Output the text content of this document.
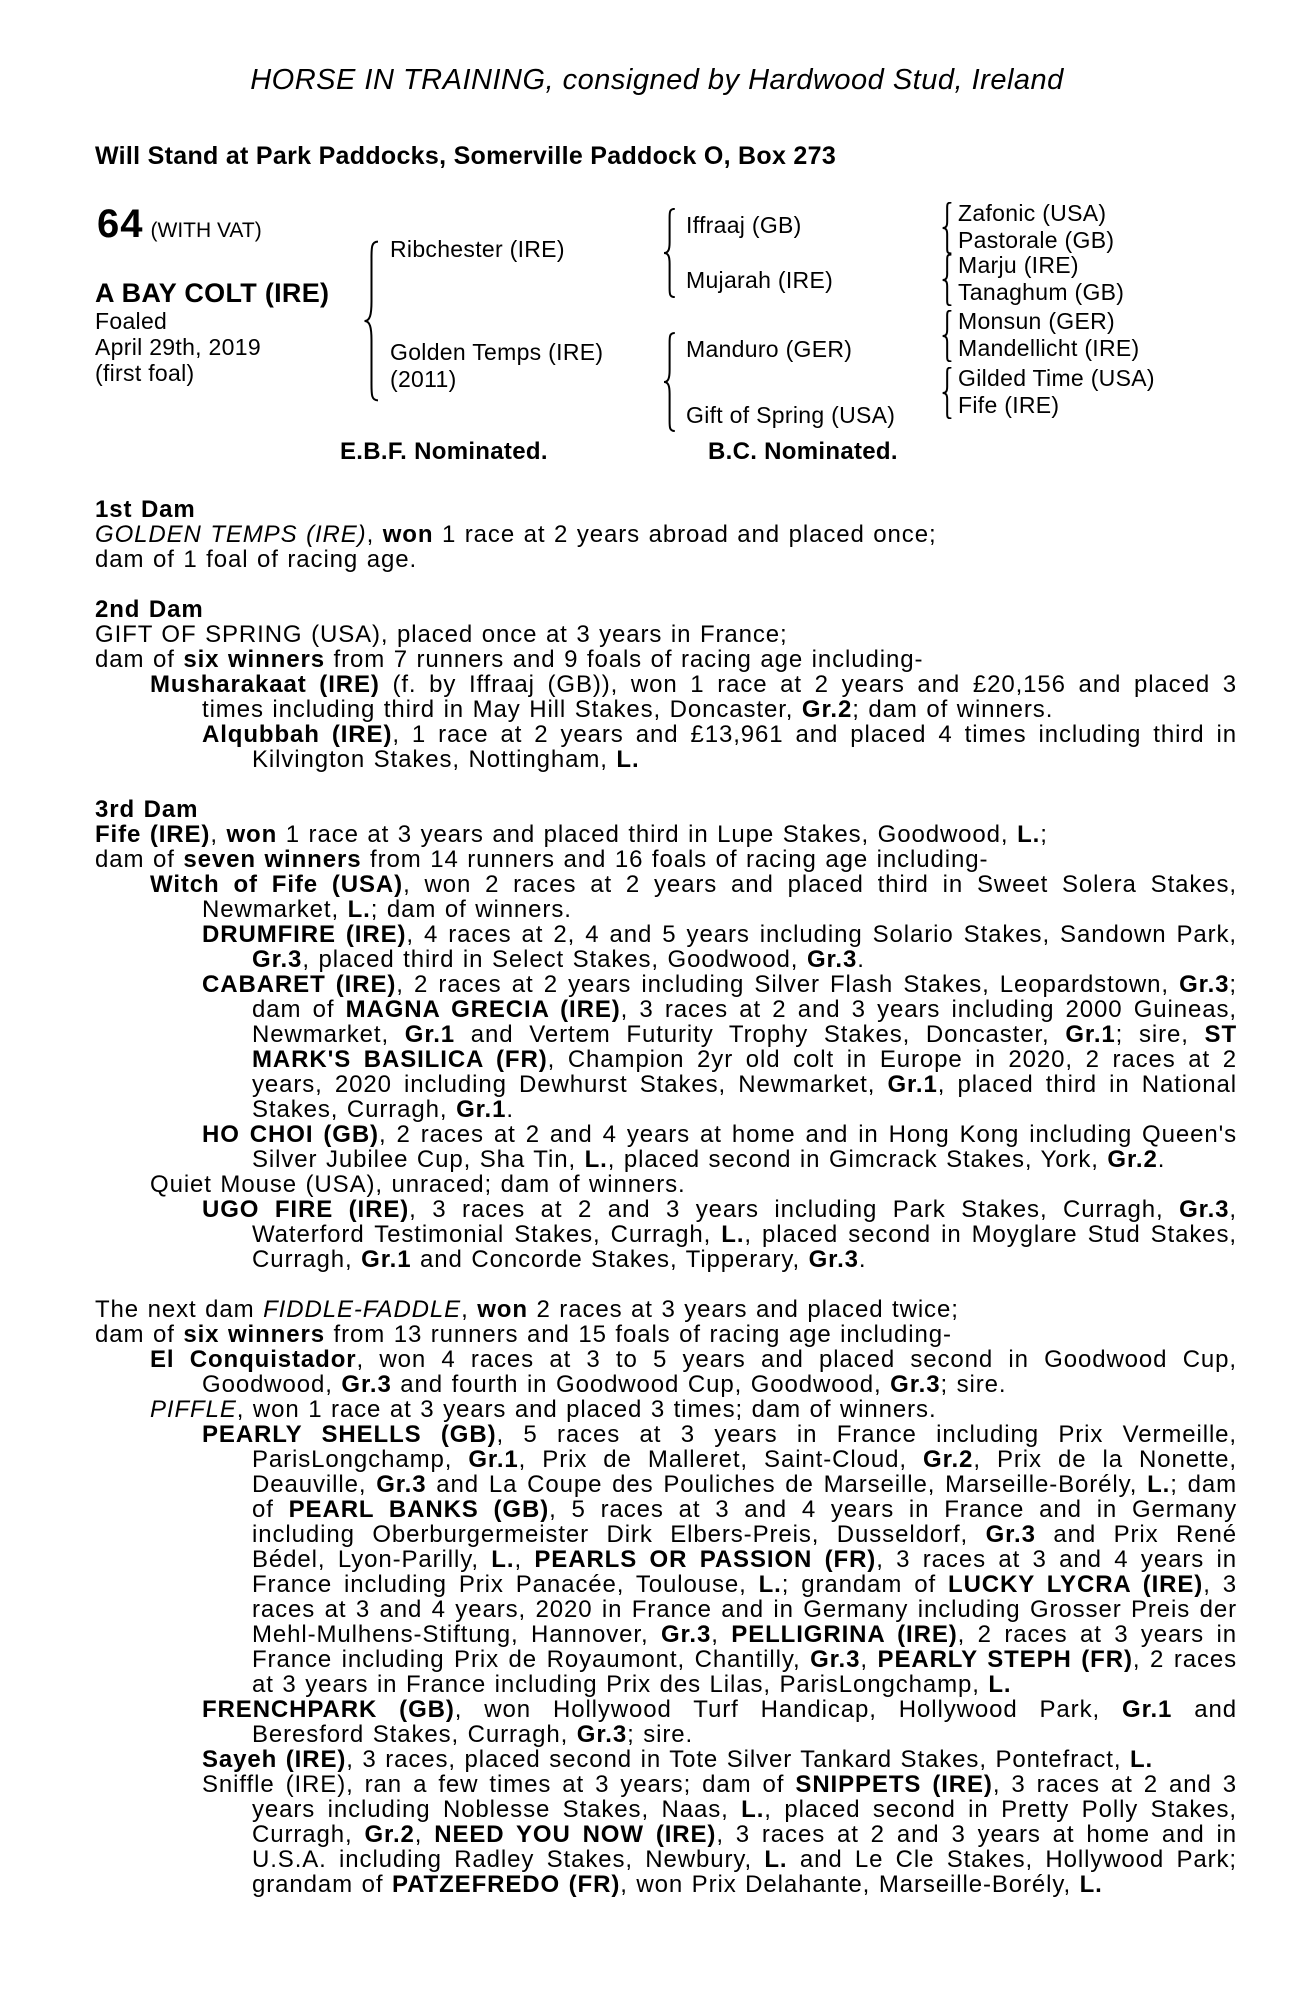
HORSE IN TRAINING, consigned by Hardwood Stud, Ireland
Will Stand at Park Paddocks, Somerville Paddock O, Box 273
64 (WITH VAT)
A BAY COLT (IRE)
Foaled
April 29th, 2019
(first foal)
Ribchester (IRE)
Golden Temps (IRE)
(2011)
Iffraaj (GB)
Mujarah (IRE)
Manduro (GER)
Gift of Spring (USA)
Zafonic (USA)
Pastorale (GB)
Marju (IRE)
Tanaghum (GB)
Monsun (GER)
Mandellicht (IRE)
Gilded Time (USA)
Fife (IRE)
E.B.F. Nominated.	B.C. Nominated.
1st Dam

GOLDEN TEMPS (IRE), won 1 race at 2 years abroad and placed once;

dam of 1 foal of racing age.

2nd Dam

GIFT OF SPRING (USA), placed once at 3 years in France;

dam of six winners from 7 runners and 9 foals of racing age including-

Musharakaat (IRE) (f. by Iffraaj (GB)), won 1 race at 2 years and £20,156 and placed 3 times including third in May Hill Stakes, Doncaster, Gr.2; dam of winners.

Alqubbah (IRE), 1 race at 2 years and £13,961 and placed 4 times including third in Kilvington Stakes, Nottingham, L.

3rd Dam

Fife (IRE), won 1 race at 3 years and placed third in Lupe Stakes, Goodwood, L.;

dam of seven winners from 14 runners and 16 foals of racing age including-

Witch of Fife (USA), won 2 races at 2 years and placed third in Sweet Solera Stakes, Newmarket, L.; dam of winners.

DRUMFIRE (IRE), 4 races at 2, 4 and 5 years including Solario Stakes, Sandown Park, Gr.3, placed third in Select Stakes, Goodwood, Gr.3.

CABARET (IRE), 2 races at 2 years including Silver Flash Stakes, Leopardstown, Gr.3; dam of MAGNA GRECIA (IRE), 3 races at 2 and 3 years including 2000 Guineas, Newmarket, Gr.1 and Vertem Futurity Trophy Stakes, Doncaster, Gr.1; sire, ST MARK'S BASILICA (FR), Champion 2yr old colt in Europe in 2020, 2 races at 2 years, 2020 including Dewhurst Stakes, Newmarket, Gr.1, placed third in National Stakes, Curragh, Gr.1.

HO CHOI (GB), 2 races at 2 and 4 years at home and in Hong Kong including Queen's Silver Jubilee Cup, Sha Tin, L., placed second in Gimcrack Stakes, York, Gr.2.

Quiet Mouse (USA), unraced; dam of winners.

UGO FIRE (IRE), 3 races at 2 and 3 years including Park Stakes, Curragh, Gr.3, Waterford Testimonial Stakes, Curragh, L., placed second in Moyglare Stud Stakes, Curragh, Gr.1 and Concorde Stakes, Tipperary, Gr.3.

The next dam FIDDLE-FADDLE, won 2 races at 3 years and placed twice;

dam of six winners from 13 runners and 15 foals of racing age including-

El Conquistador, won 4 races at 3 to 5 years and placed second in Goodwood Cup, Goodwood, Gr.3 and fourth in Goodwood Cup, Goodwood, Gr.3; sire.

PIFFLE, won 1 race at 3 years and placed 3 times; dam of winners.

PEARLY SHELLS (GB), 5 races at 3 years in France including Prix Vermeille, ParisLongchamp, Gr.1, Prix de Malleret, Saint-Cloud, Gr.2, Prix de la Nonette, Deauville, Gr.3 and La Coupe des Pouliches de Marseille, Marseille-Borély, L.; dam of PEARL BANKS (GB), 5 races at 3 and 4 years in France and in Germany including Oberburgermeister Dirk Elbers-Preis, Dusseldorf, Gr.3 and Prix René Bédel, Lyon-Parilly, L., PEARLS OR PASSION (FR), 3 races at 3 and 4 years in France including Prix Panacée, Toulouse, L.; grandam of LUCKY LYCRA (IRE), 3 races at 3 and 4 years, 2020 in France and in Germany including Grosser Preis der Mehl-Mulhens-Stiftung, Hannover, Gr.3, PELLIGRINA (IRE), 2 races at 3 years in France including Prix de Royaumont, Chantilly, Gr.3, PEARLY STEPH (FR), 2 races at 3 years in France including Prix des Lilas, ParisLongchamp, L.

FRENCHPARK (GB), won Hollywood Turf Handicap, Hollywood Park, Gr.1 and Beresford Stakes, Curragh, Gr.3; sire.

Sayeh (IRE), 3 races, placed second in Tote Silver Tankard Stakes, Pontefract, L.

Sniffle (IRE), ran a few times at 3 years; dam of SNIPPETS (IRE), 3 races at 2 and 3 years including Noblesse Stakes, Naas, L., placed second in Pretty Polly Stakes, Curragh, Gr.2, NEED YOU NOW (IRE), 3 races at 2 and 3 years at home and in U.S.A. including Radley Stakes, Newbury, L. and Le Cle Stakes, Hollywood Park; grandam of PATZEFREDO (FR), won Prix Delahante, Marseille-Borély, L.
